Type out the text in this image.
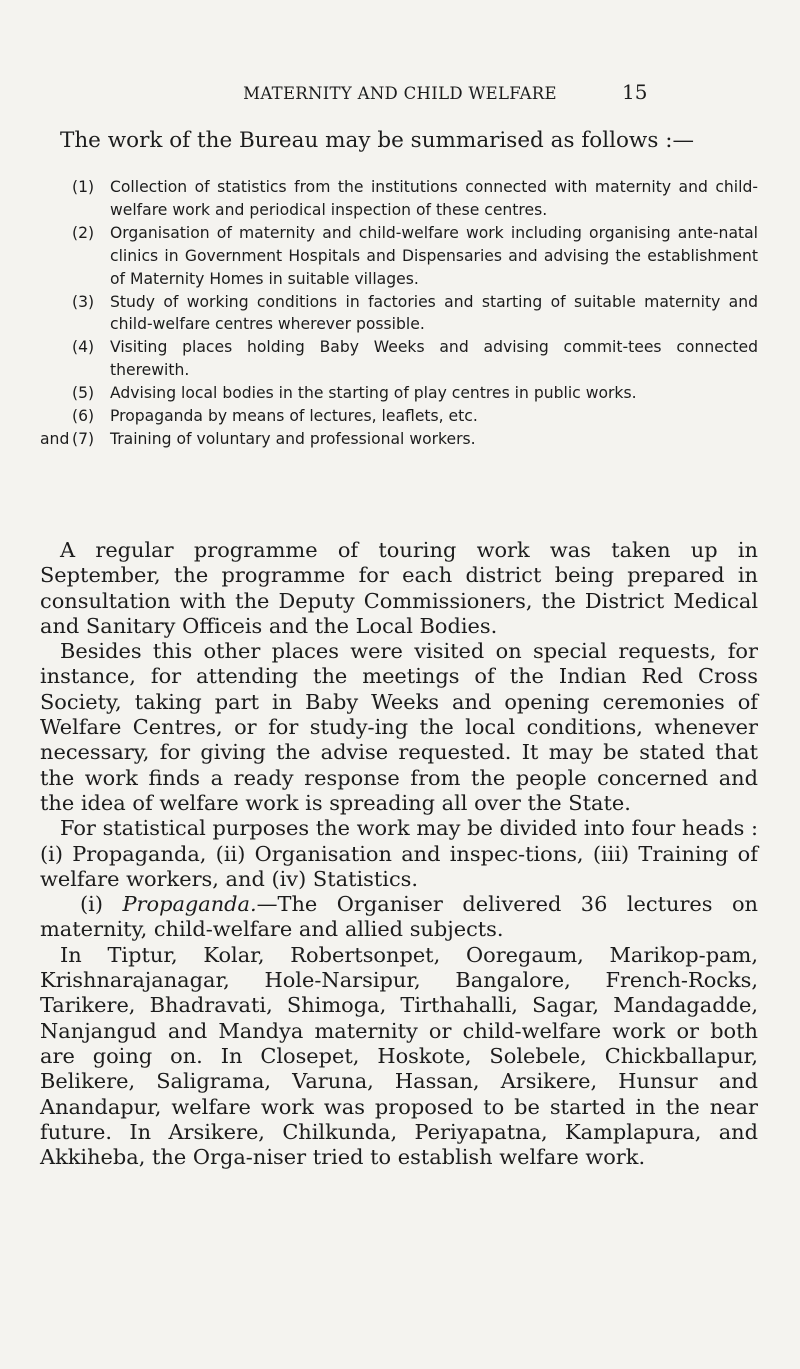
MATERNITY AND CHILD WELFARE	15
The work of the Bureau may be summarised as follows :—
(1) Collection of statistics from the institutions connected with maternity and child-welfare work and periodical inspection of these centres.
(2) Organisation of maternity and child-welfare work including organising ante-natal clinics in Government Hospitals and Dispensaries and advising the establishment of Maternity Homes in suitable villages.
(3) Study of working conditions in factories and starting of suitable maternity and child-welfare centres wherever possible.
(4) Visiting places holding Baby Weeks and advising commit-tees connected therewith.
(5) Advising local bodies in the starting of play centres in public works.
(6) Propaganda by means of lectures, leaflets, etc.
and (7) Training of voluntary and professional workers.

A regular programme of touring work was taken up in September, the programme for each district being prepared in consultation with the Deputy Commissioners, the District Medical and Sanitary Officeis and the Local Bodies.

Besides this other places were visited on special requests, for instance, for attending the meetings of the Indian Red Cross Society, taking part in Baby Weeks and opening ceremonies of Welfare Centres, or for study-ing the local conditions, whenever necessary, for giving the advise requested. It may be stated that the work finds a ready response from the people concerned and the idea of welfare work is spreading all over the State.

For statistical purposes the work may be divided into four heads : (i) Propaganda, (ii) Organisation and inspec-tions, (iii) Training of welfare workers, and (iv) Statistics.

(i) Propaganda.—The Organiser delivered 36 lectures on maternity, child-welfare and allied subjects.

In Tiptur, Kolar, Robertsonpet, Ooregaum, Marikop-pam, Krishnarajanagar, Hole-Narsipur, Bangalore, French-Rocks, Tarikere, Bhadravati, Shimoga, Tirthahalli, Sagar, Mandagadde, Nanjangud and Mandya maternity or child-welfare work or both are going on. In Closepet, Hoskote, Solebele, Chickballapur, Belikere, Saligrama, Varuna, Hassan, Arsikere, Hunsur and Anandapur, welfare work was proposed to be started in the near future. In Arsikere, Chilkunda, Periyapatna, Kamplapura, and Akkiheba, the Orga-niser tried to establish welfare work.
